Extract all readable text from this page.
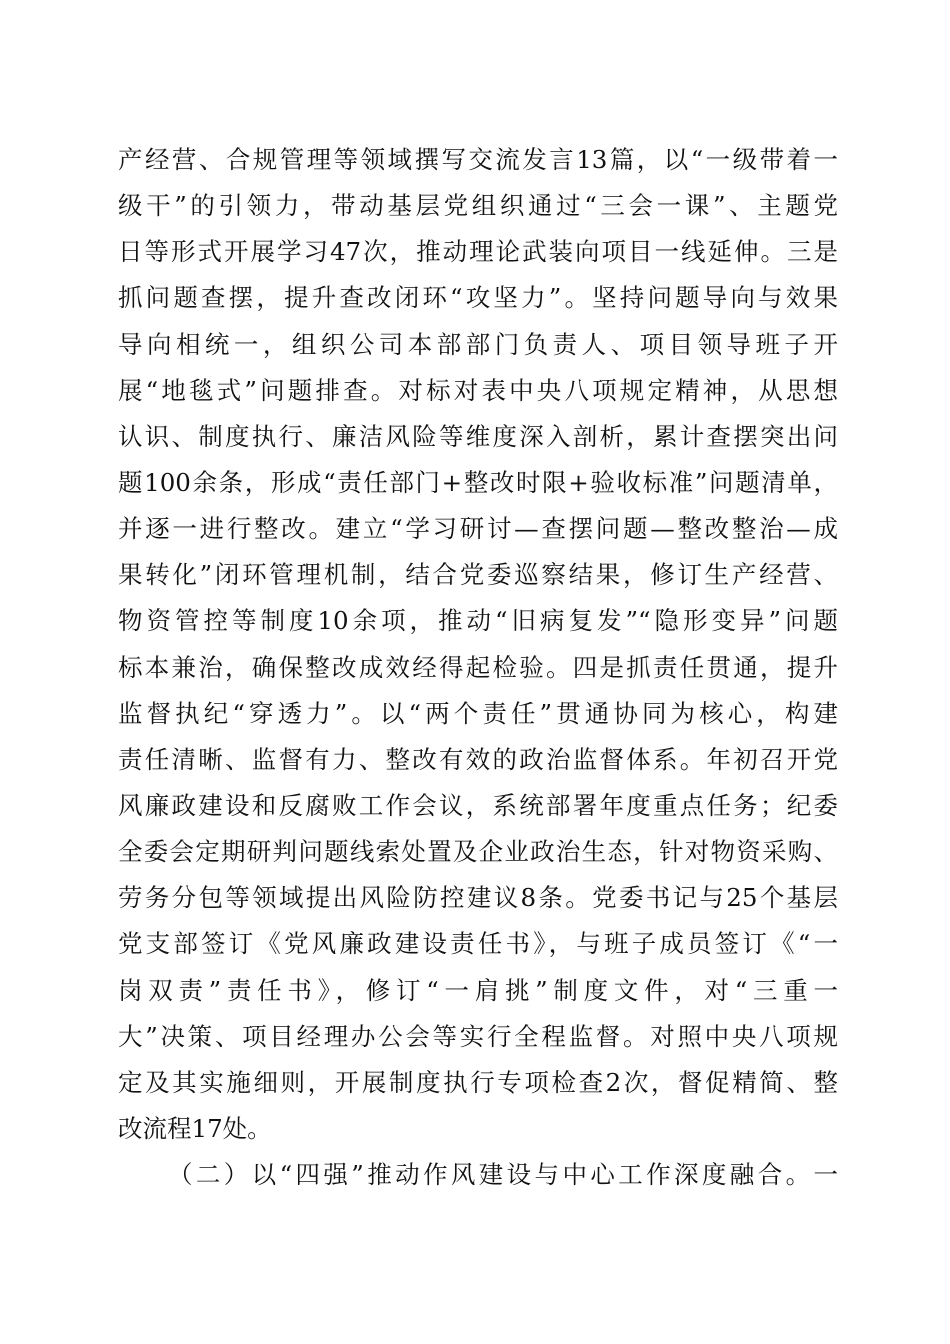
产经营、合规管理等领域撰写交流发言13篇，以“一级带着一
级干”的引领力，带动基层党组织通过“三会一课”、主题党
日等形式开展学习47次，推动理论武装向项目一线延伸。三是
抓问题查摆，提升查改闭环“攻坚力”。坚持问题导向与效果
导向相统一，组织公司本部部门负责人、项目领导班子开
展“地毯式”问题排查。对标对表中央八项规定精神，从思想
认识、制度执行、廉洁风险等维度深入剖析，累计查摆突出问
题100余条，形成“责任部门+整改时限+验收标准”问题清单，
并逐一进行整改。建立“学习研讨—查摆问题—整改整治—成
果转化”闭环管理机制，结合党委巡察结果，修订生产经营、
物资管控等制度10余项，推动“旧病复发”“隐形变异”问题
标本兼治，确保整改成效经得起检验。四是抓责任贯通，提升
监督执纪“穿透力”。以“两个责任”贯通协同为核心，构建
责任清晰、监督有力、整改有效的政治监督体系。年初召开党
风廉政建设和反腐败工作会议，系统部署年度重点任务；纪委
全委会定期研判问题线索处置及企业政治生态，针对物资采购、
劳务分包等领域提出风险防控建议8条。党委书记与25个基层
党支部签订《党风廉政建设责任书》，与班子成员签订《“一
岗双责”责任书》，修订“一肩挑”制度文件，对“三重一
大”决策、项目经理办公会等实行全程监督。对照中央八项规
定及其实施细则，开展制度执行专项检查2次，督促精简、整
改流程17处。
（二）以“四强”推动作风建设与中心工作深度融合。一
